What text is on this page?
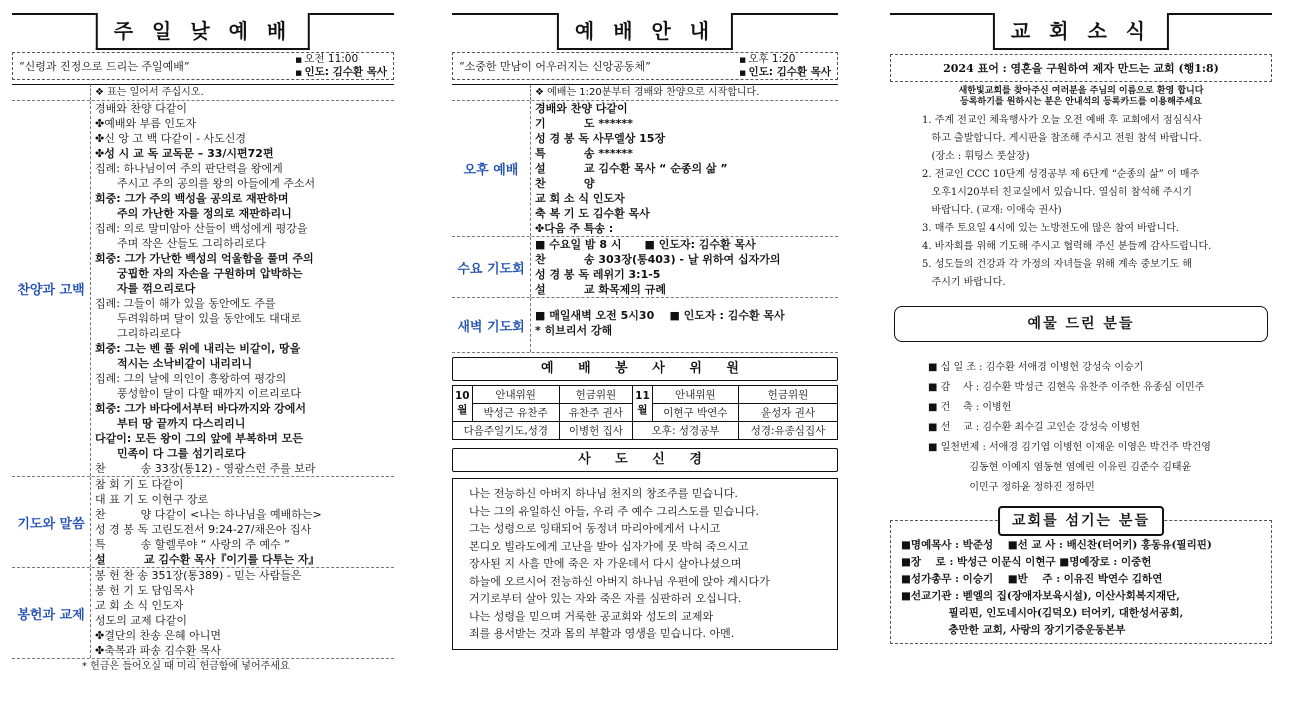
주 일 낮 예 배
“신령과 진정으로 드리는 주일예배”
■ 오전 11:00
■ 인도: 김수환 목사
❖ 표는 일어서 주십시오.
찬양과 고백
경배와 찬양 다같이
✤예배와 부름 인도자
✤신 앙 고 백 다같이 - 사도신경
✤성 시 교 독 교독문 – 33/시편72편
집례: 하나님이여 주의 판단력을 왕에게
주시고 주의 공의를 왕의 아들에게 주소서
회중: 그가 주의 백성을 공의로 재판하며
주의 가난한 자를 정의로 재판하리니
집례: 의로 말미암아 산들이 백성에게 평강을
주며 작은 산들도 그리하리로다
회중: 그가 가난한 백성의 억울함을 풀며 주의
궁핍한 자의 자손을 구원하며 압박하는
자를 꺾으리로다
집례: 그들이 해가 있을 동안에도 주를
두려워하며 달이 있을 동안에도 대대로
그리하리로다
회중: 그는 벤 풀 위에 내리는 비같이, 땅을
적시는 소낙비같이 내리리니
집례: 그의 날에 의인이 흥왕하여 평강의
풍성함이 달이 다할 때까지 이르리로다
회중: 그가 바다에서부터 바다까지와 강에서
부터 땅 끝까지 다스리리니
다같이: 모든 왕이 그의 앞에 부복하며 모든
민족이 다 그를 섬기리로다
찬          송 33장(통12) - 영광스런 주를 보라
기도와 말씀
참 회 기 도 다같이
대 표 기 도 이현구 장로
찬          양 다같이 <나는 하나님을 예배하는>
성 경 봉 독 고린도전서 9:24-27/채은아 집사
특          송 할렐루야 “ 사랑의 주 예수 ”
설          교 김수환 목사『이기를 다투는 자』
봉헌과 교제
봉 헌 찬 송 351장(통389) - 믿는 사람들은
봉 헌 기 도 담임목사
교 회 소 식 인도자
성도의 교제 다같이
✤결단의 찬송 은혜 아니면
✤축복과 파송 김수환 목사
* 헌금은 들어오실 때 미리 헌금함에 넣어주세요
예 배 안 내
“소중한 만남이 어우러지는 신앙공동체”
■ 오후 1:20
■ 인도: 김수환 목사
❖ 예배는 1:20분부터 경배와 찬양으로 시작합니다.
오후 예배
경배와 찬양 다같이
기          도 ******
성 경 봉 독 사무엘상 15장
특          송 ******
설          교 김수환 목사 “ 순종의 삶 ”
찬          양
교 회 소 식 인도자
축 복 기 도 김수환 목사
✤다음 주 특송 :
수요 기도회
■ 수요일 밤 8 시      ■ 인도자: 김수환 목사
찬          송 303장(통403) - 날 위하여 십자가의
성 경 봉 독 레위기 3:1-5
설          교 화목제의 규례
새벽 기도회
■ 매일새벽 오전 5시30    ■ 인도자 : 김수환 목사
* 히브리서 강해
예 배 봉 사 위 원
10 월	안내위원	헌금위원	11 월	안내위원	헌금위원
	박성근 유찬주	유찬주 권사		이현구 박연수	윤성자 권사
다음주일기도,성경		이병헌 집사	오후: 성경공부		성경:유종심집사
사 도 신 경
나는 전능하신 아버지 하나님 천지의 창조주를 믿습니다.
나는 그의 유일하신 아들, 우리 주 예수 그리스도를 믿습니다.
그는 성령으로 잉태되어 동정녀 마리아에게서 나시고
본디오 빌라도에게 고난을 받아 십자가에 못 박혀 죽으시고
장사된 지 사흘 만에 죽은 자 가운데서 다시 살아나셨으며
하늘에 오르시어 전능하신 아버지 하나님 우편에 앉아 계시다가
거기로부터 살아 있는 자와 죽은 자를 심판하러 오십니다.
나는 성령을 믿으며 거룩한 공교회와 성도의 교제와
죄를 용서받는 것과 몸의 부활과 영생을 믿습니다. 아멘.
교 회 소 식
2024 표어 : 영혼을 구원하여 제자 만드는 교회 (행1:8)
새한빛교회를 찾아주신 여러분을 주님의 이름으로 환영 합니다
등록하기를 원하시는 분은 안내석의 등록카드를 이용해주세요
1. 주계 전교인 체육행사가 오늘 오전 예배 후 교회에서 점심식사
하고 출발합니다. 게시판을 참조해 주시고 전원 참석 바랍니다.
(장소 : 휘팅스 풋살장)
2. 전교인 CCC 10단계 성경공부 제 6단계 “순종의 삶” 이 매주
오후1시20부터 친교실에서 있습니다. 열심히 참석해 주시기
바랍니다. (교재: 이애숙 권사)
3. 매주 토요일 4시에 있는 노방전도에 많은 참여 바랍니다.
4. 바자회를 위해 기도해 주시고 협력해 주신 분들께 감사드립니다.
5. 성도들의 건강과 각 가정의 자녀들을 위해 계속 중보기도 해
주시기 바랍니다.
예물 드린 분들
■ 십 일 조 : 김수환 서애경 이병헌 강성숙 이승기
■ 감    사 : 김수환 박성근 김현옥 유찬주 이주한 유종심 이민주
■ 건    축 : 이병헌
■ 선    교 : 김수환 최수길 고인순 강성숙 이병헌
■ 일천번제 : 서애경 김기엽 이병헌 이재운 이영은 박건주 박건영
김동현 이예지 염동현 염예린 이유린 김준수 김태윤
이민구 정하윤 정하진 정하민
교회를 섬기는 분들
■명예목사 : 박준성    ■선 교 사 : 배신찬(터어키) 홍동유(필리핀)
■장    로 : 박성근 이문식 이현구 ■명예장로 : 이중헌
■성가총무 : 이승기    ■반    주 : 이유진 박연수 김하연
■선교기관 : 벧엘의 집(장애자보육시설), 이산사회복지재단,
필리핀, 인도네시아(김덕오) 터어키, 대한성서공회,
충만한 교회, 사랑의 장기기증운동본부
